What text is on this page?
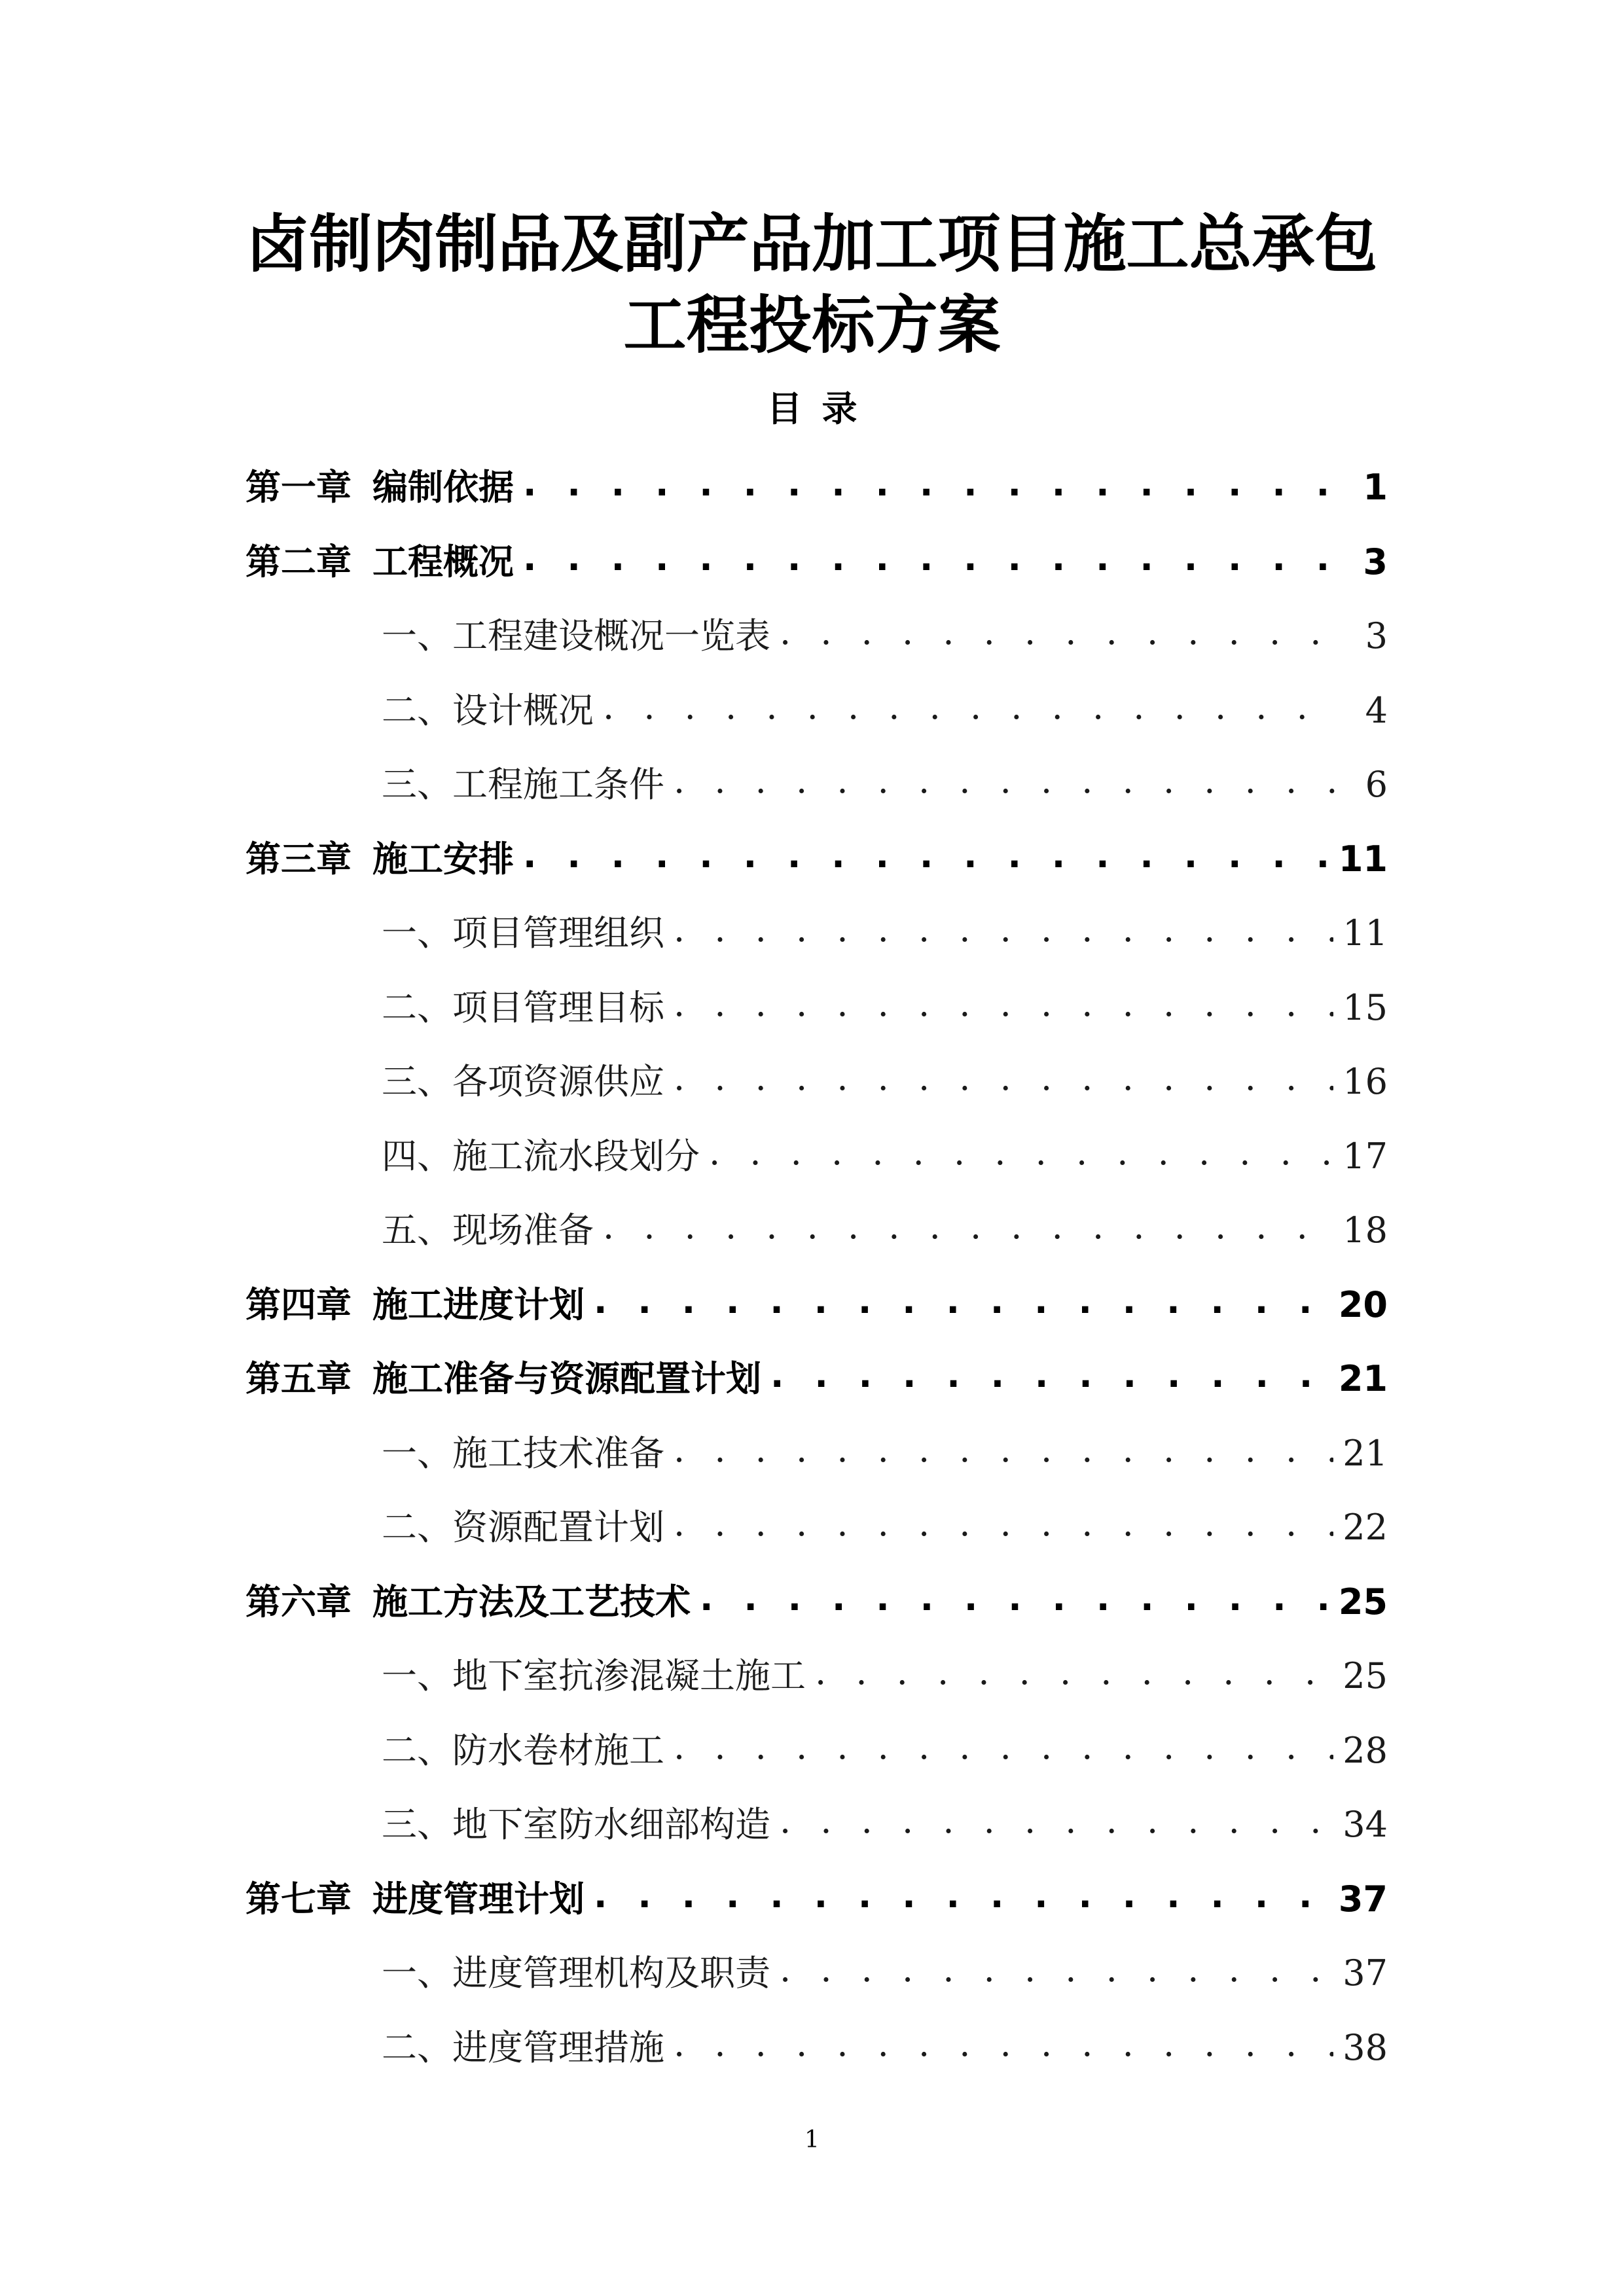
卤制肉制品及副产品加工项目施工总承包
工程投标方案
目录
第一章 编制依据 . . .	1
第二章 工程概况 . . .	3
一、工程建设概况一览表 . . .	3
二、设计概况 . . .	4
三、工程施工条件 . . .	6
第三章 施工安排 . . .	11
一、项目管理组织 . . .	11
二、项目管理目标 . . .	15
三、各项资源供应 . . .	16
四、施工流水段划分 . . .	17
五、现场准备 . . .	18
第四章 施工进度计划 . . .	20
第五章 施工准备与资源配置计划 . . .	21
一、施工技术准备 . . .	21
二、资源配置计划 . . .	22
第六章 施工方法及工艺技术 . . .	25
一、地下室抗渗混凝土施工 . . .	25
二、防水卷材施工 . . .	28
三、地下室防水细部构造 . . .	34
第七章 进度管理计划 . . .	37
一、进度管理机构及职责 . . .	37
二、进度管理措施 . . .	38
1
